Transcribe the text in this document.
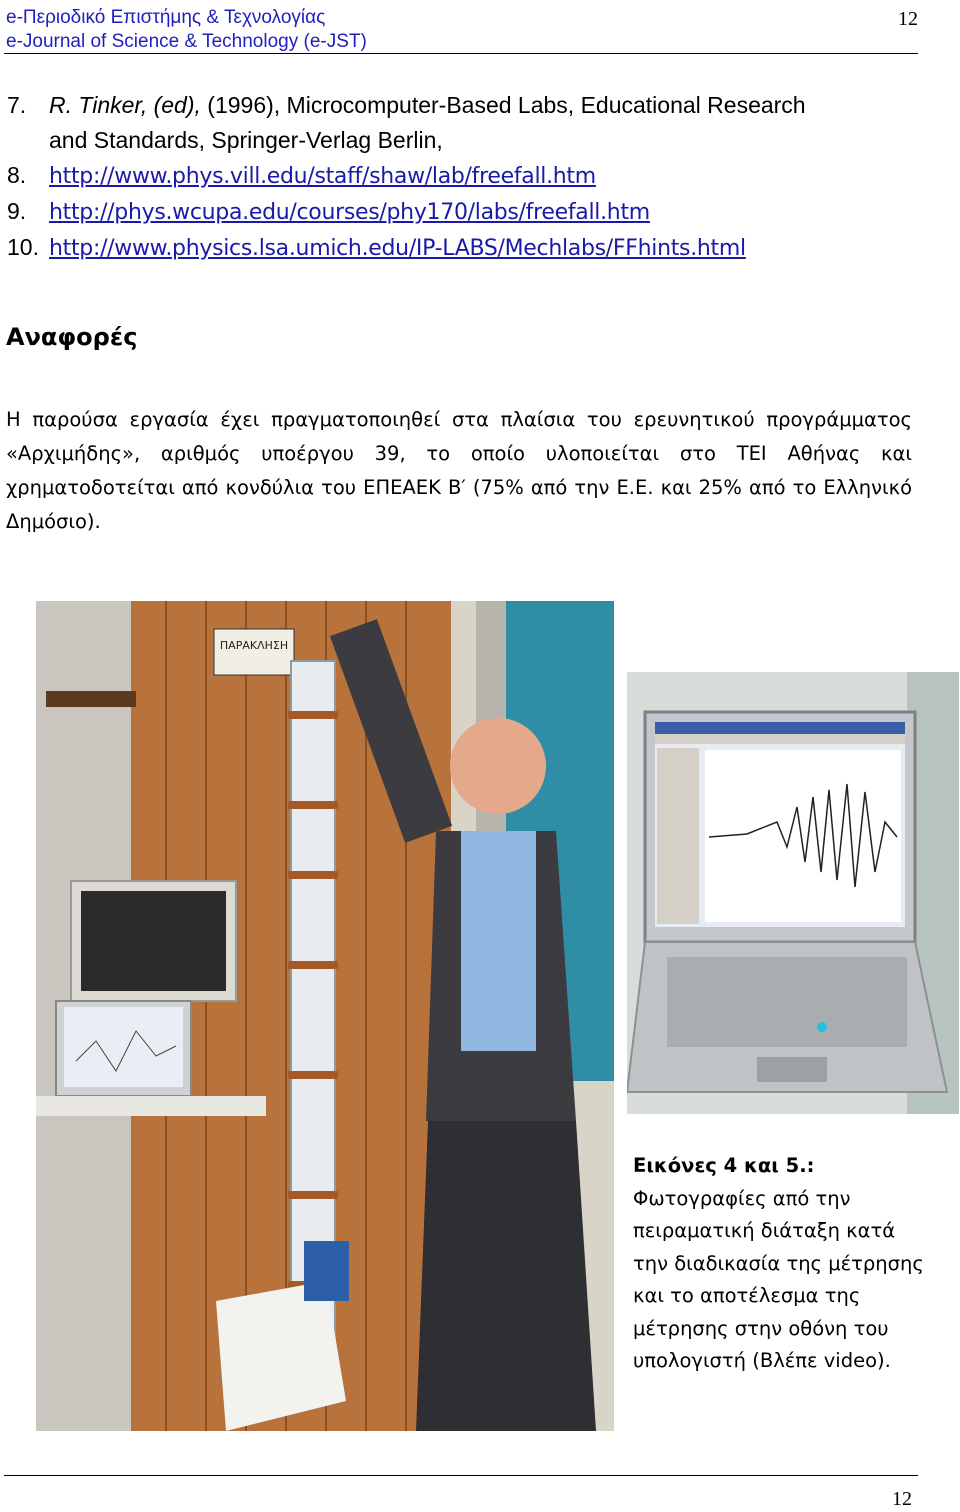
e-Περιοδικό Επιστήμης & Τεχνολογίας
e-Journal of Science & Technology (e-JST)
12
7. R. Tinker, (ed), (1996), Microcomputer-Based Labs, Educational Research
and Standards, Springer-Verlag Berlin,
8. http://www.phys.vill.edu/staff/shaw/lab/freefall.htm
9. http://phys.wcupa.edu/courses/phy170/labs/freefall.htm
10. http://www.physics.lsa.umich.edu/IP-LABS/Mechlabs/FFhints.html
Αναφορές
Η παρούσα εργασία έχει πραγματοποιηθεί στα πλαίσια του ερευνητικού προγράμματος «Αρχιμήδης», αριθμός υποέργου 39, το οποίο υλοποιείται στο ΤΕΙ Αθήνας και χρηματοδοτείται από κονδύλια του ΕΠΕΑΕΚ Β′ (75% από την Ε.Ε. και 25% από το Ελληνικό Δημόσιο).
ΠΑΡΑΚΛΗΣΗ
Εικόνες 4 και 5.:
Φωτογραφίες από την πειραματική διάταξη κατά την διαδικασία της μέτρησης και το αποτέλεσμα της μέτρησης στην οθόνη του υπολογιστή (Βλέπε video).
12
